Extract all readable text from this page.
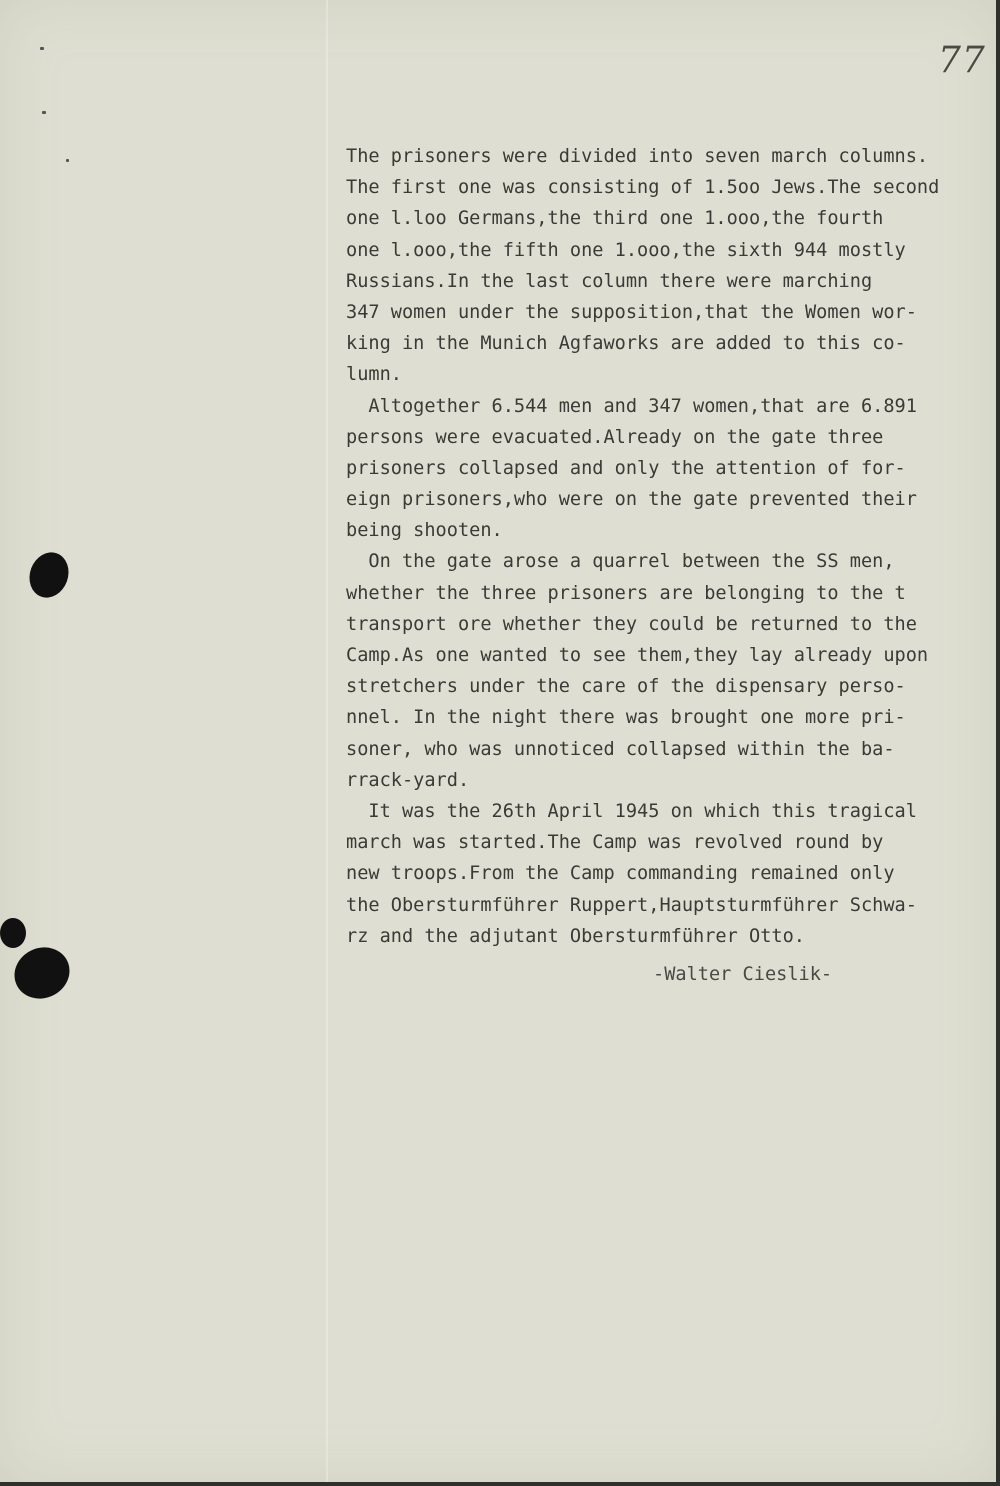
77
The prisoners were divided into seven march columns.
The first one was consisting of 1.5oo Jews.The second
one l.loo Germans,the third one 1.ooo,the fourth
one l.ooo,the fifth one 1.ooo,the sixth 944 mostly
Russians.In the last column there were marching
347 women under the supposition,that the Women wor-
king in the Munich Agfaworks are added to this co-
lumn.
Altogether 6.544 men and 347 women,that are 6.891
persons were evacuated.Already on the gate three
prisoners collapsed and only the attention of for-
eign prisoners,who were on the gate prevented their
being shooten.
On the gate arose a quarrel between the SS men,
whether the three prisoners are belonging to the t
transport ore whether they could be returned to the
Camp.As one wanted to see them,they lay already upon
stretchers under the care of the dispensary perso-
nnel. In the night there was brought one more pri-
soner, who was unnoticed collapsed within the ba-
rrack-yard.
It was the 26th April 1945 on which this tragical
march was started.The Camp was revolved round by
new troops.From the Camp commanding remained only
the Obersturmführer Ruppert,Hauptsturmführer Schwa-
rz and the adjutant Obersturmführer Otto.
-Walter Cieslik-
